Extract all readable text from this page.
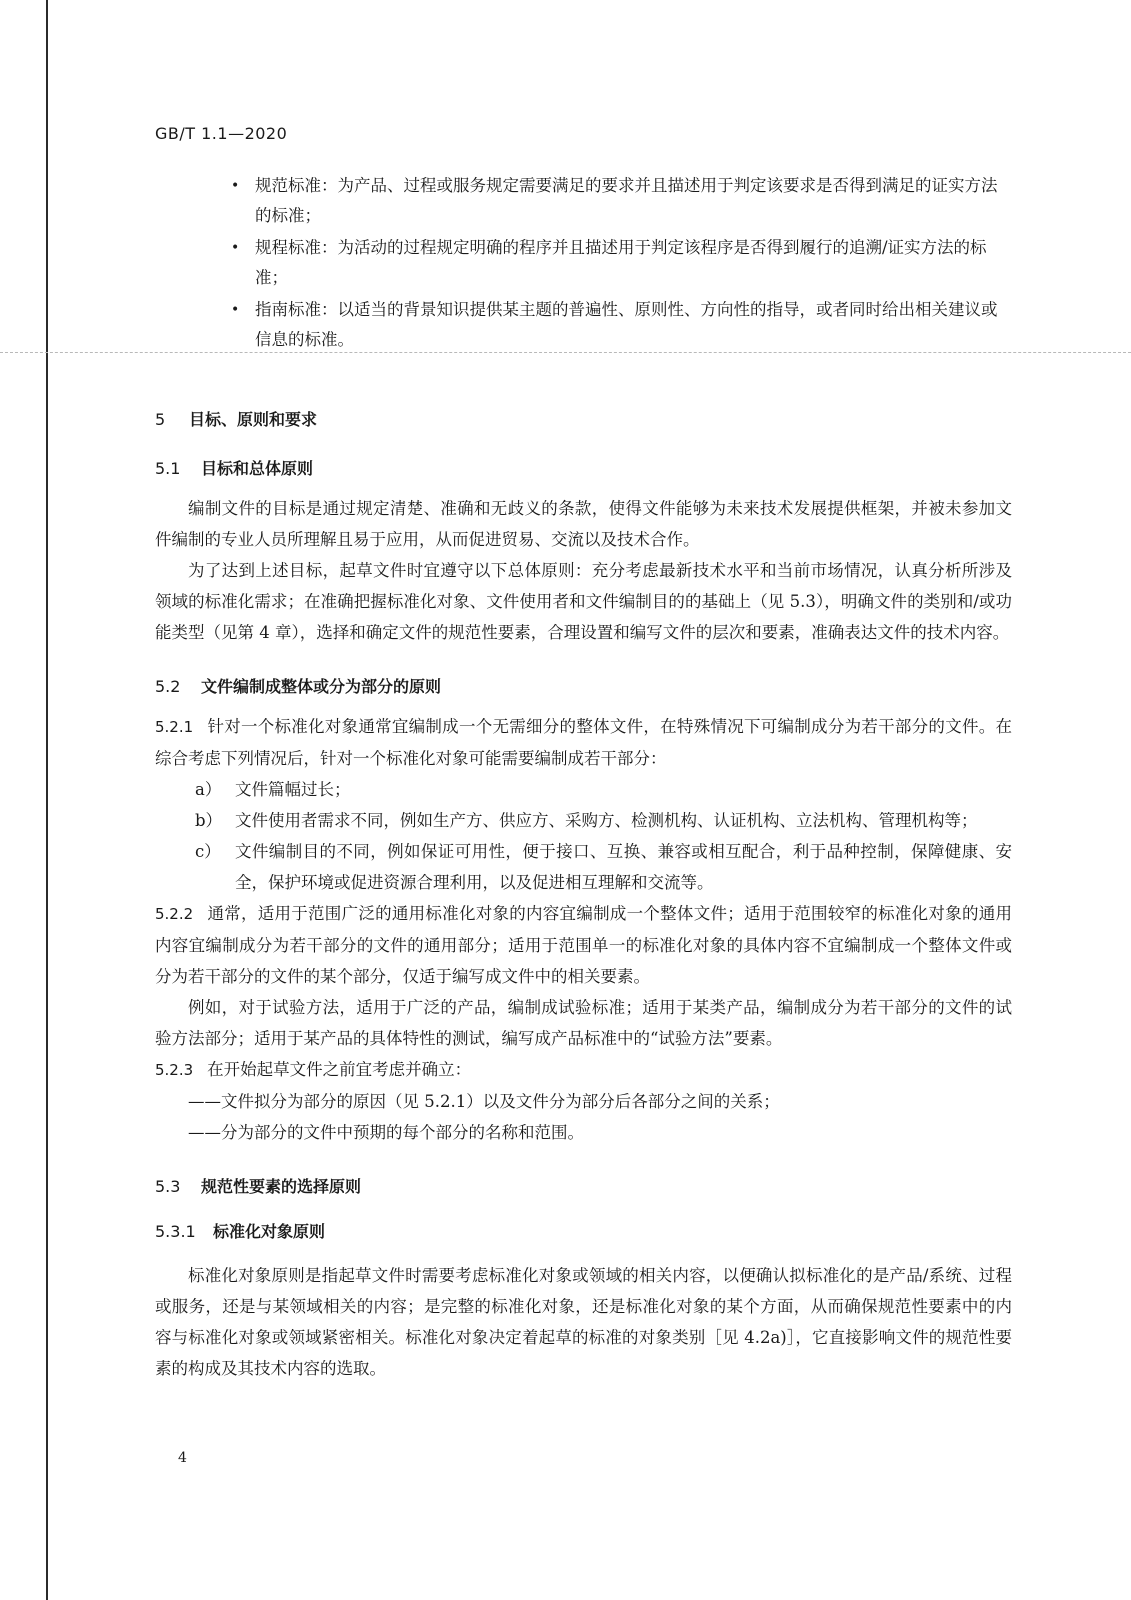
GB/T 1.1—2020
• 规范标准：为产品、过程或服务规定需要满足的要求并且描述用于判定该要求是否得到满足的证实方法的标准；
• 规程标准：为活动的过程规定明确的程序并且描述用于判定该程序是否得到履行的追溯/证实方法的标准；
• 指南标准：以适当的背景知识提供某主题的普遍性、原则性、方向性的指导，或者同时给出相关建议或信息的标准。
5 目标、原则和要求
5.1 目标和总体原则

编制文件的目标是通过规定清楚、准确和无歧义的条款，使得文件能够为未来技术发展提供框架，并被未参加文件编制的专业人员所理解且易于应用，从而促进贸易、交流以及技术合作。

为了达到上述目标，起草文件时宜遵守以下总体原则：充分考虑最新技术水平和当前市场情况，认真分析所涉及领域的标准化需求；在准确把握标准化对象、文件使用者和文件编制目的的基础上（见 5.3），明确文件的类别和/或功能类型（见第 4 章），选择和确定文件的规范性要素，合理设置和编写文件的层次和要素，准确表达文件的技术内容。

5.2 文件编制成整体或分为部分的原则

5.2.1 针对一个标准化对象通常宜编制成一个无需细分的整体文件，在特殊情况下可编制成分为若干部分的文件。在综合考虑下列情况后，针对一个标准化对象可能需要编制成若干部分：

a） 文件篇幅过长；
b） 文件使用者需求不同，例如生产方、供应方、采购方、检测机构、认证机构、立法机构、管理机构等；
c） 文件编制目的不同，例如保证可用性，便于接口、互换、兼容或相互配合，利于品种控制，保障健康、安全，保护环境或促进资源合理利用，以及促进相互理解和交流等。

5.2.2 通常，适用于范围广泛的通用标准化对象的内容宜编制成一个整体文件；适用于范围较窄的标准化对象的通用内容宜编制成分为若干部分的文件的通用部分；适用于范围单一的标准化对象的具体内容不宜编制成一个整体文件或分为若干部分的文件的某个部分，仅适于编写成文件中的相关要素。

例如，对于试验方法，适用于广泛的产品，编制成试验标准；适用于某类产品，编制成分为若干部分的文件的试验方法部分；适用于某产品的具体特性的测试，编写成产品标准中的“试验方法”要素。

5.2.3 在开始起草文件之前宜考虑并确立：

——文件拟分为部分的原因（见 5.2.1）以及文件分为部分后各部分之间的关系；
——分为部分的文件中预期的每个部分的名称和范围。
5.3 规范性要素的选择原则
5.3.1 标准化对象原则

标准化对象原则是指起草文件时需要考虑标准化对象或领域的相关内容，以便确认拟标准化的是产品/系统、过程或服务，还是与某领域相关的内容；是完整的标准化对象，还是标准化对象的某个方面，从而确保规范性要素中的内容与标准化对象或领域紧密相关。标准化对象决定着起草的标准的对象类别［见 4.2a)］，它直接影响文件的规范性要素的构成及其技术内容的选取。

4
